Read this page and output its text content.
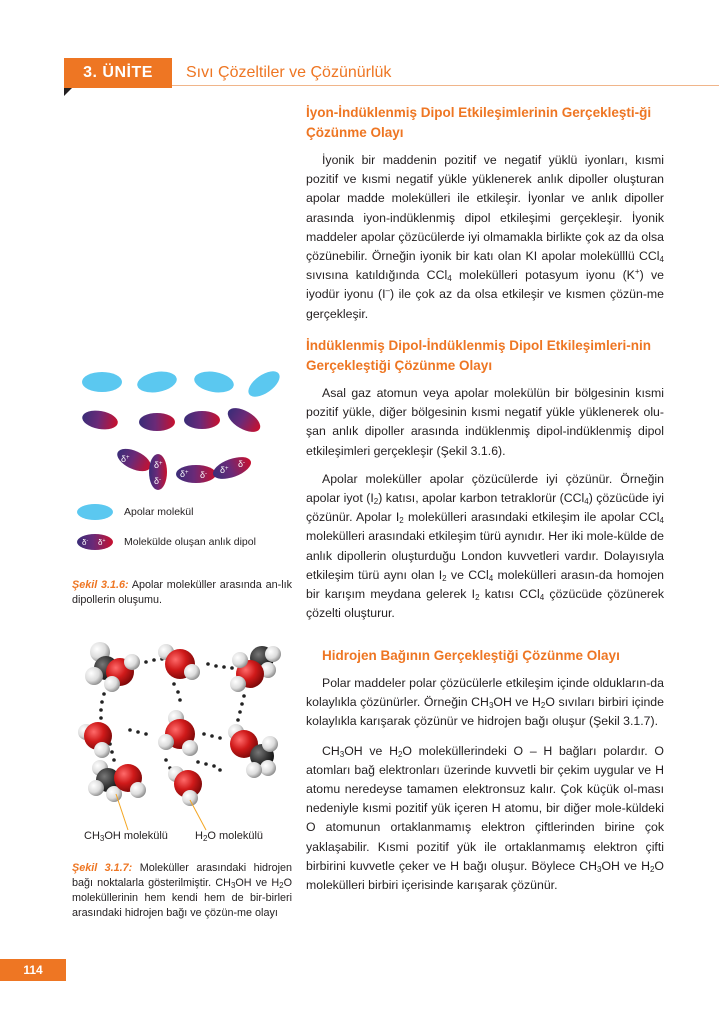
3. ÜNİTE	Sıvı Çözeltiler ve Çözünürlük
İyon-İndüklenmiş Dipol Etkileşimlerinin Gerçekleşti-ği Çözünme Olayı
İyonik bir maddenin pozitif ve negatif yüklü iyonları, kısmi pozitif ve kısmi negatif yükle yüklenerek anlık dipoller oluşturan apolar madde molekülleri ile etkileşir. İyonlar ve anlık dipoller arasında iyon-indüklenmiş dipol etkileşimi gerçekleşir. İyonik maddeler apolar çözücülerde iyi olmamakla birlikte çok az da olsa çözünebilir. Örneğin iyonik bir katı olan KI apolar molekülllü CCl$_4$ sıvısına katıldığında CCl$_4$ molekülleri potasyum iyonu (K+) ve iyodür iyonu (I–) ile çok az da olsa etkileşir ve kısmen çözün-me gerçekleşir.
İndüklenmiş Dipol-İndüklenmiş Dipol Etkileşimleri-nin Gerçekleştiği Çözünme Olayı
Asal gaz atomun veya apolar molekülün bir bölgesinin kısmi pozitif yükle, diğer bölgesinin kısmi negatif yükle yüklenerek olu-şan anlık dipoller arasında indüklenmiş dipol-indüklenmiş dipol etkileşimleri gerçekleşir (Şekil 3.1.6).
Apolar moleküller apolar çözücülerde iyi çözünür. Örneğin apolar iyot $(I_2)$ katısı, apolar karbon tetraklorür (CCl$_4$) çözücüde iyi çözünür. Apolar $I_2$ molekülleri arasındaki etkileşim ile apolar CCl$_4$ molekülleri arasındaki etkileşim türü aynıdır. Her iki mole-külde de anlık dipollerin oluşturduğu London kuvvetleri vardır. Dolayısıyla etkileşim türü aynı olan $I_2$ ve CCl$_4$ molekülleri arasın-da homojen bir karışım meydana gelerek $I_2$ katısı CCl$_4$ çözücüde çözünerek çözelti oluşturur.
Hidrojen Bağının Gerçekleştiği Çözünme Olayı
Polar maddeler polar çözücülerle etkileşim içinde oldukların-da kolaylıkla çözünürler. Örneğin $CH_3OH$ ve $H_2O$ sıvıları birbiri içinde kolaylıkla karışarak çözünür ve hidrojen bağı oluşur (Şekil 3.1.7).
$CH_3OH$ ve $H_2O$ moleküllerindeki O – H bağları polardır. O atomları bağ elektronları üzerinde kuvvetli bir çekim uygular ve H atomu neredeyse tamamen elektronsuz kalır. Çok küçük ol-ması nedeniyle kısmi pozitif yük içeren H atomu, bir diğer mole-küldeki O atomunun ortaklanmamış elektron çiftlerinden birine çok yaklaşabilir. Kısmi pozitif yük ile ortaklanmamış elektron çifti birbirini kuvvetle çeker ve H bağı oluşur. Böylece $CH_3OH$ ve $H_2O$ molekülleri birbiri içerisinde karışarak çözünür.
δ+
δ+
δ-
δ+ δ- δ+ δ-
Apolar molekül
δ- δ+ Molekülde oluşan anlık dipol
Şekil 3.1.6: Apolar moleküller arasında an-lık dipollerin oluşumu.
$CH_3OH$ molekülü $H_2O$ molekülü
Şekil 3.1.7: Moleküller arasındaki hidrojen bağı noktalarla gösterilmiştir. $CH_3OH$ ve $H_2O$ moleküllerinin hem kendi hem de bir-birleri arasındaki hidrojen bağı ve çözün-me olayı
114
